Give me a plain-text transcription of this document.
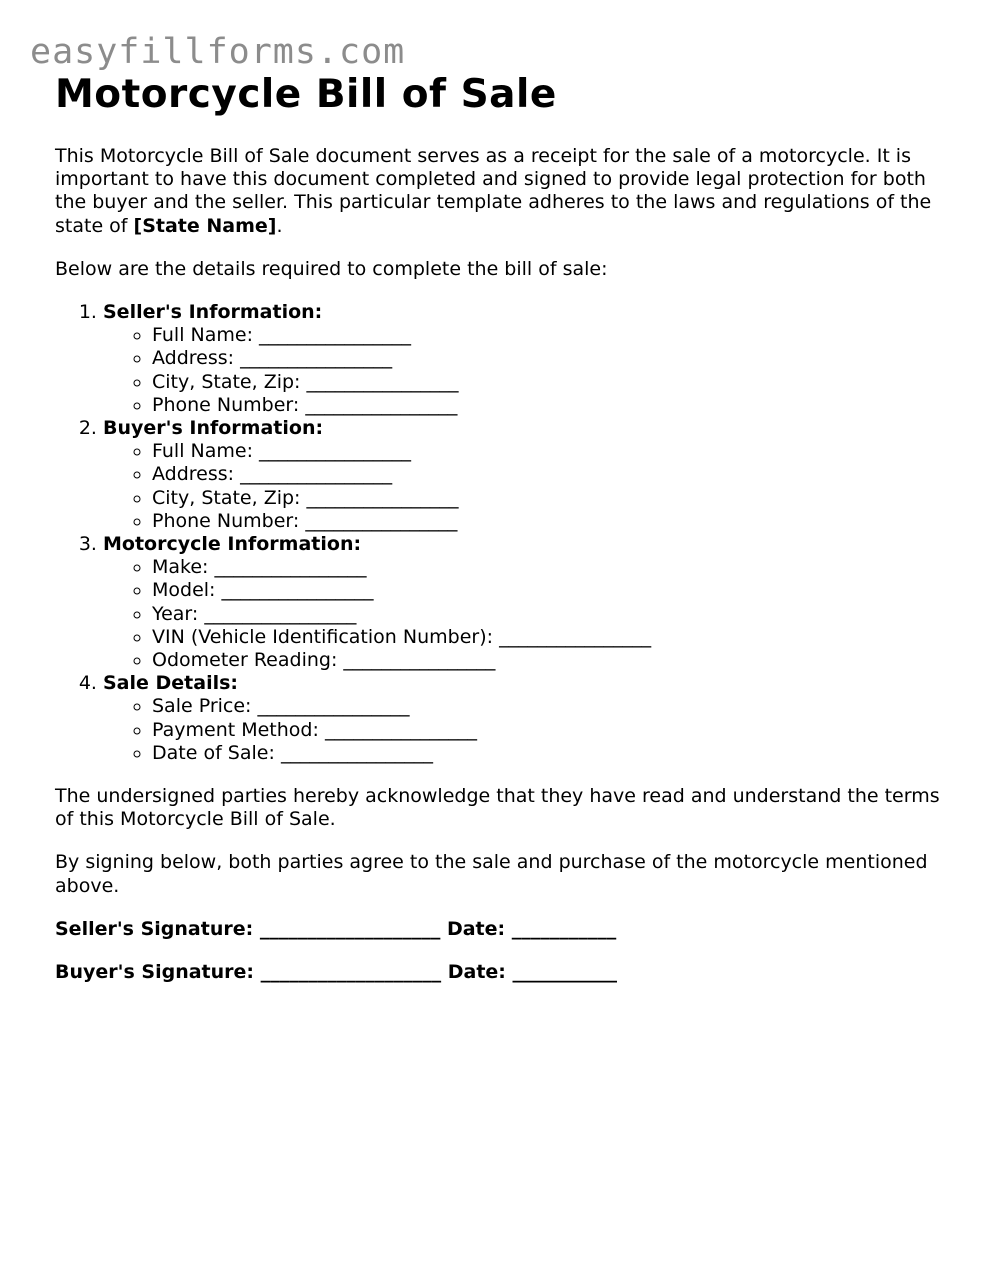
easyfillforms.com
Motorcycle Bill of Sale

This Motorcycle Bill of Sale document serves as a receipt for the sale of a motorcycle. It is important to have this document completed and signed to provide legal protection for both the buyer and the seller. This particular template adheres to the laws and regulations of the state of [State Name].

Below are the details required to complete the bill of sale:

1. Seller's Information:
◦ Full Name: ________________
◦ Address: ________________
◦ City, State, Zip: ________________
◦ Phone Number: ________________
2. Buyer's Information:
◦ Full Name: ________________
◦ Address: ________________
◦ City, State, Zip: ________________
◦ Phone Number: ________________
3. Motorcycle Information:
◦ Make: ________________
◦ Model: ________________
◦ Year: ________________
◦ VIN (Vehicle Identification Number): ________________
◦ Odometer Reading: ________________
4. Sale Details:
◦ Sale Price: ________________
◦ Payment Method: ________________
◦ Date of Sale: ________________

The undersigned parties hereby acknowledge that they have read and understand the terms of this Motorcycle Bill of Sale.

By signing below, both parties agree to the sale and purchase of the motorcycle mentioned above.

Seller's Signature: ___________________ Date: ___________

Buyer's Signature: ___________________ Date: ___________
